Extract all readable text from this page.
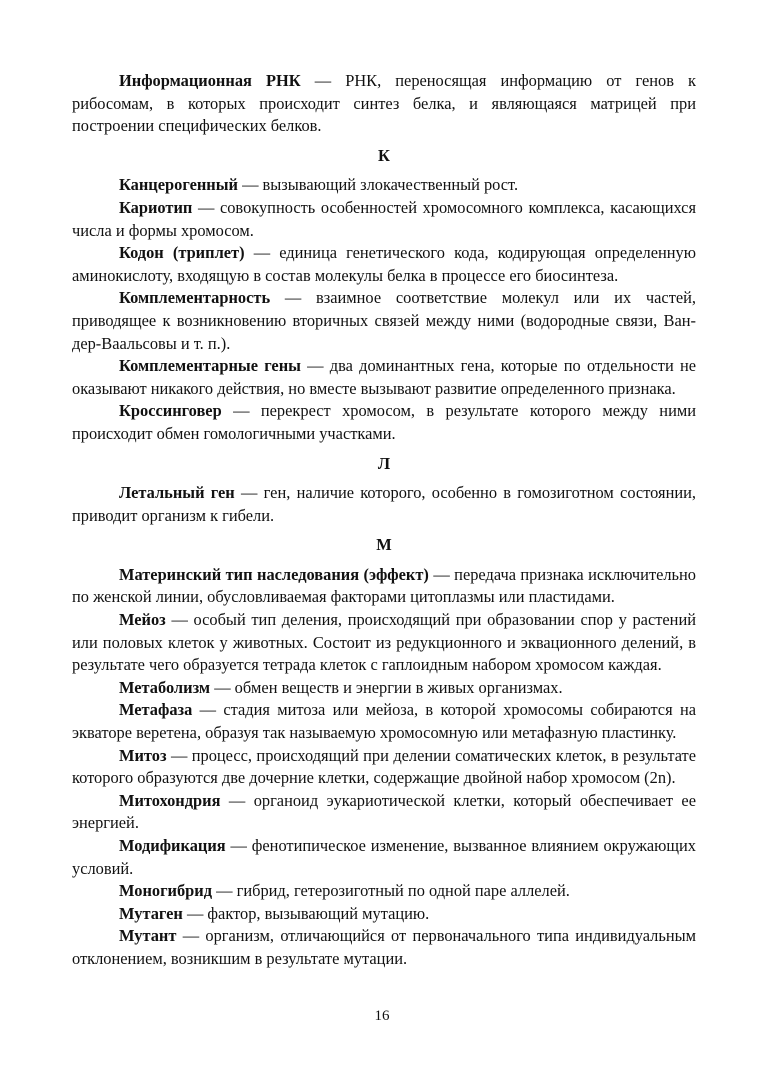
Информационная РНК — РНК, переносящая информацию от генов к рибосомам, в которых происходит синтез белка, и являющаяся матрицей при построении специфических белков.

К

Канцерогенный — вызывающий злокачественный рост.

Кариотип — совокупность особенностей хромосомного комплекса, касающихся числа и формы хромосом.

Кодон (триплет) — единица генетического кода, кодирующая определенную аминокислоту, входящую в состав молекулы белка в процессе его биосинтеза.

Комплементарность — взаимное соответствие молекул или их частей, приводящее к возникновению вторичных связей между ними (водородные связи, Ван-дер-Ваальсовы и т. п.).

Комплементарные гены — два доминантных гена, которые по отдельности не оказывают никакого действия, но вместе вызывают развитие определенного признака.

Кроссинговер — перекрест хромосом, в результате которого между ними происходит обмен гомологичными участками.

Л

Летальный ген — ген, наличие которого, особенно в гомозиготном состоянии, приводит организм к гибели.

М

Материнский тип наследования (эффект) — передача признака исключительно по женской линии, обусловливаемая факторами цитоплазмы или пластидами.

Мейоз — особый тип деления, происходящий при образовании спор у растений или половых клеток у животных. Состоит из редукционного и эквационного делений, в результате чего образуется тетрада клеток с гаплоидным набором хромосом каждая.

Метаболизм — обмен веществ и энергии в живых организмах.

Метафаза — стадия митоза или мейоза, в которой хромосомы собираются на экваторе веретена, образуя так называемую хромосомную или метафазную пластинку.

Митоз — процесс, происходящий при делении соматических клеток, в результате которого образуются две дочерние клетки, содержащие двойной набор хромосом (2n).

Митохондрия — органоид эукариотической клетки, который обеспечивает ее энергией.

Модификация — фенотипическое изменение, вызванное влиянием окружающих условий.

Моногибрид — гибрид, гетерозиготный по одной паре аллелей.

Мутаген — фактор, вызывающий мутацию.

Мутант — организм, отличающийся от первоначального типа индивидуальным отклонением, возникшим в результате мутации.

16
